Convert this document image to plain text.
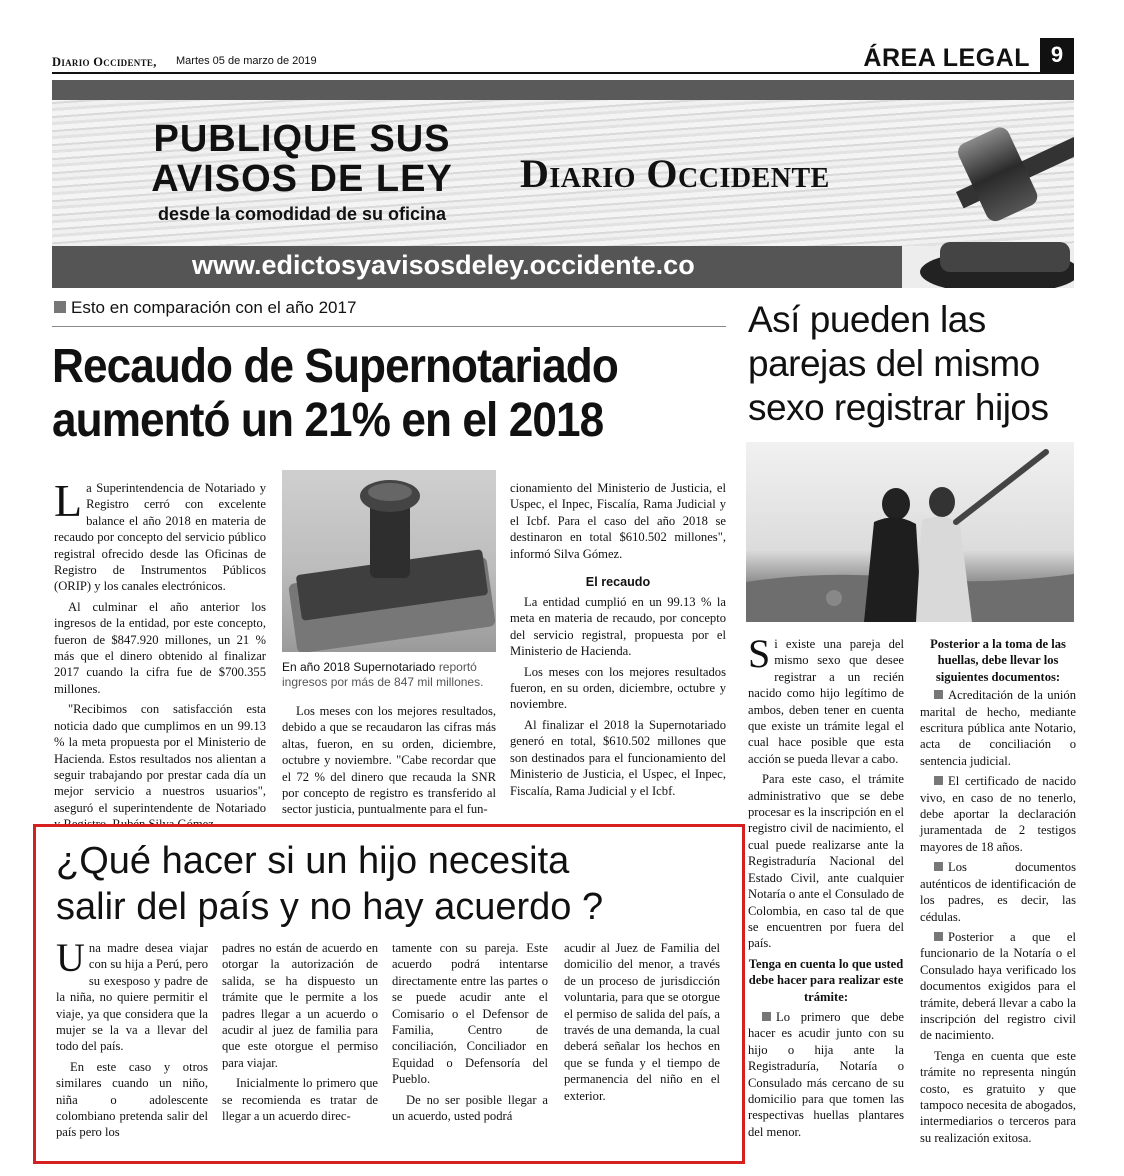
Diario Occidente, Martes 05 de marzo de 2019	ÁREA LEGAL 9
PUBLIQUE SUS
AVISOS DE LEY
desde la comodidad de su oficina
Diario Occidente
www.edictosyavisosdeley.occidente.co
Esto en comparación con el año 2017
Recaudo de Supernotariado
aumentó un 21% en el 2018

La Superintendencia de Notariado y Registro cerró con excelente balance el año 2018 en materia de recaudo por concepto del servicio público registral ofrecido desde las Oficinas de Registro de Instrumentos Públicos (ORIP) y los canales electrónicos.

Al culminar el año anterior los ingresos de la entidad, por este concepto, fueron de $847.920 millones, un 21 % más que el dinero obtenido al finalizar 2017 cuando la cifra fue de $700.355 millones.

"Recibimos con satisfacción esta noticia dado que cumplimos en un 99.13 % la meta propuesta por el Ministerio de Hacienda. Estos resultados nos alientan a seguir trabajando por prestar cada día un mejor servicio a nuestros usuarios", aseguró el superintendente de Notariado

En año 2018 Supernotariado reportó ingresos por más de 847 mil millones.

Los meses con los mejores resultados, debido a que se recaudaron las cifras más altas, fueron, en su orden, diciembre, octubre y noviembre. "Cabe recordar que el 72 % del dinero que recauda la SNR por concepto de registro es transferido al sector justicia, puntualmente para el fun-

cionamiento del Ministerio de Justicia, el Uspec, el Inpec, Fiscalía, Rama Judicial y el Icbf. Para el caso del año 2018 se destinaron en total $610.502 millones", informó Silva Gómez.

El recaudo

La entidad cumplió en un 99.13 % la meta en materia de recaudo, por concepto del servicio registral, propuesta por el Ministerio de Hacienda.

Los meses con los mejores resultados fueron, en su orden, diciembre, octubre y noviembre.

Al finalizar el 2018 la Supernotariado generó en total, $610.502 millones que son destinados para el funcionamiento del Ministerio de Justicia, el Uspec, el Inpec, Fiscalía, Rama Judicial y el Icbf.

Así pueden las
parejas del mismo
sexo registrar hijos

Si existe una pareja del mismo sexo que desee registrar a un recién nacido como hijo legítimo de ambos, deben tener en cuenta que existe un trámite legal el cual hace posible que esta acción se pueda llevar a cabo.

Para este caso, el trámite administrativo que se debe procesar es la inscripción en el registro civil de nacimiento, el cual puede realizarse ante la Registraduría Nacional del Estado Civil, ante cualquier Notaría o ante el Consulado de Colombia, en caso tal de que se encuentren por fuera del país.

Tenga en cuenta lo que usted debe hacer para realizar este trámite:

Lo primero que debe hacer es acudir junto con su hijo o hija ante la Registraduría, Notaría o Consulado más cercano de su domicilio para que tomen las respectivas huellas plantares del menor.

Posterior a la toma de las huellas, debe llevar los siguientes documentos:

Acreditación de la unión marital de hecho, mediante escritura pública ante Notario, acta de conciliación o sentencia judicial.

El certificado de nacido vivo, en caso de no tenerlo, debe aportar la declaración juramentada de 2 testigos mayores de 18 años.

Los documentos auténticos de identificación de los padres, es decir, las cédulas.

Posterior a que el funcionario de la Notaría o el Consulado haya verificado los documentos exigidos para el trámite, deberá llevar a cabo la inscripción del registro civil de nacimiento.

Tenga en cuenta que este trámite no representa ningún costo, es gratuito y que tampoco necesita de abogados, intermediarios o terceros para su realización exitosa.

¿Qué hacer si un hijo necesita
salir del país y no hay acuerdo ?

Una madre desea viajar con su hija a Perú, pero su exesposo y padre de la niña, no quiere permitir el viaje, ya que considera que la mujer se la va a llevar del todo del país.

En este caso y otros similares cuando un niño, niña o adolescente colombiano pretenda salir del país pero los

padres no están de acuerdo en otorgar la autorización de salida, se ha dispuesto un trámite que le permite a los padres llegar a un acuerdo o acudir al juez de familia para que este otorgue el permiso para viajar.

Inicialmente lo primero que se recomienda es tratar de llegar a un acuerdo direc-

tamente con su pareja. Este acuerdo podrá intentarse directamente entre las partes o se puede acudir ante el Comisario o el Defensor de Familia, Centro de conciliación, Conciliador en Equidad o Defensoría del Pueblo.

De no ser posible llegar a un acuerdo, usted podrá

acudir al Juez de Familia del domicilio del menor, a través de un proceso de jurisdicción voluntaria, para que se otorgue el permiso de salida del país, a través de una demanda, la cual deberá señalar los hechos en que se funda y el tiempo de permanencia del niño en el exterior.
